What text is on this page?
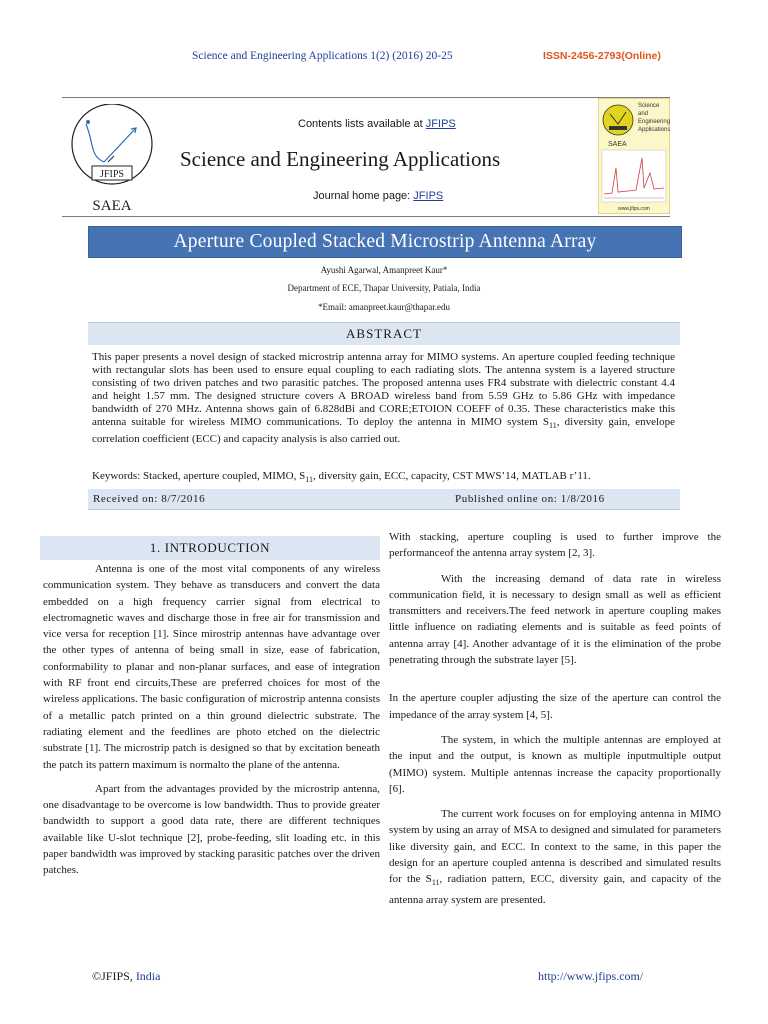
Science and Engineering Applications 1(2) (2016) 20-25	ISSN-2456-2793(Online)
JFIPS
SAEA
Contents lists available at JFIPS
Science and Engineering Applications
Journal home page: JFIPS
Science
and
Engineering
Applications
SAEA
www.jfips.com
Aperture Coupled Stacked Microstrip Antenna Array
Ayushi Agarwal, Amanpreet Kaur*
Department of ECE, Thapar University, Patiala, India
*Email: amanpreet.kaur@thapar.edu
ABSTRACT

This paper presents a novel design of stacked microstrip antenna array for MIMO systems. An aperture coupled feeding technique with rectangular slots has been used to ensure equal coupling to each radiating slots. The antenna system is a layered structure consisting of two driven patches and two parasitic patches. The proposed antenna uses FR4 substrate with dielectric constant 4.4 and height 1.57 mm. The designed structure covers A BROAD wireless band from 5.59 GHz to 5.86 GHz with impedance bandwidth of 270 MHz. Antenna shows gain of 6.828dBi and CORE;ETOION COEFF of 0.35. These characteristics make this antenna suitable for wireless MIMO communications. To deploy the antenna in MIMO system $S_{11}$, diversity gain, envelope correlation coefficient (ECC) and capacity analysis is also carried out.

Keywords: Stacked, aperture coupled, MIMO, $S_{11}$, diversity gain, ECC, capacity, CST MWS’14, MATLAB r’11.

Received on: 8/7/2016	Published online on: 1/8/2016
1. INTRODUCTION

Antenna is one of the most vital components of any wireless communication system. They behave as transducers and convert the data embedded on a high frequency carrier signal from electrical to electromagnetic waves and discharge those in free air for transmission and vice versa for reception [1]. Since mirostrip antennas have advantage over the other types of antenna of being small in size, ease of fabrication, conformability to planar and non-planar surfaces, and ease of integration with RF front end circuits,These are preferred choices for most of the wireless applications. The basic configuration of microstrip antenna consists of a metallic patch printed on a thin ground dielectric substrate. The radiating element and the feedlines are photo etched on the dielectric substrate [1]. The microstrip patch is designed so that by excitation beneath the patch its pattern maximum is normalto the plane of the antenna.

Apart from the advantages provided by the microstrip antenna, one disadvantage to be overcome is low bandwidth. Thus to provide greater bandwidth to support a good data rate, there are different techniques available like U-slot technique [2], probe-feeding, slit loading etc. in this paper bandwidth was improved by stacking parasitic patches over the driven patches.

With stacking, aperture coupling is used to further improve the performanceof the antenna array system [2, 3].

With the increasing demand of data rate in wireless communication field, it is necessary to design small as well as efficient transmitters and receivers.The feed network in aperture coupling makes little influence on radiating elements and is suitable as feed points of antenna array [4]. Another advantage of it is the elimination of the probe penetrating through the substrate layer [5].

In the aperture coupler adjusting the size of the aperture can control the impedance of the array system [4, 5].

The system, in which the multiple antennas are employed at the input and the output, is known as multiple inputmultiple output (MIMO) system. Multiple antennas increase the capacity proportionally [6].

The current work focuses on for employing antenna in MIMO system by using an array of MSA to designed and simulated for parameters like diversity gain, and ECC. In context to the same, in this paper the design for an aperture coupled antenna is described and simulated results for the $S_{11}$, radiation pattern, ECC, diversity gain, and capacity of the antenna array system are presented.

©JFIPS, India	http://www.jfips.com/
